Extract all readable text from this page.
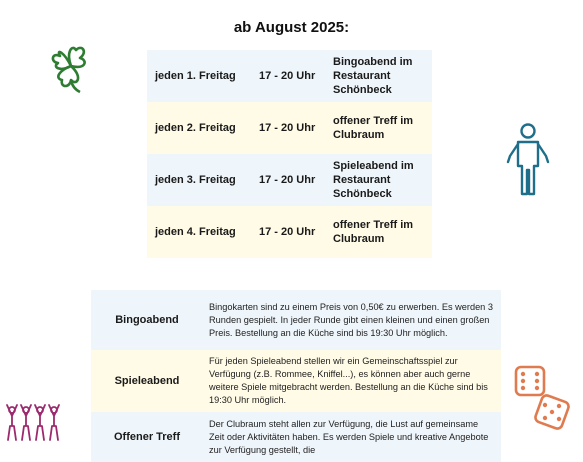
ab August 2025:
jeden 1. Freitag	17 - 20 Uhr	Bingoabend im Restaurant Schönbeck
jeden 2. Freitag	17 - 20 Uhr	offener Treff im Clubraum
jeden 3. Freitag	17 - 20 Uhr	Spieleabend im Restaurant Schönbeck
jeden 4. Freitag	17 - 20 Uhr	offener Treff im Clubraum
Bingoabend	Bingokarten sind zu einem Preis von 0,50€ zu erwerben. Es werden 3 Runden gespielt. In jeder Runde gibt einen kleinen und einen großen Preis. Bestellung an die Küche sind bis 19:30 Uhr möglich.
Spieleabend	Für jeden Spieleabend stellen wir ein Gemeinschaftsspiel zur Verfügung (z.B. Rommee, Kniffel...), es können aber auch gerne weitere Spiele mitgebracht werden. Bestellung an die Küche sind bis 19:30 Uhr möglich.
Offener Treff	Der Clubraum steht allen zur Verfügung, die Lust auf gemeinsame Zeit oder Aktivitäten haben. Es werden Spiele und kreative Angebote zur Verfügung gestellt, die
